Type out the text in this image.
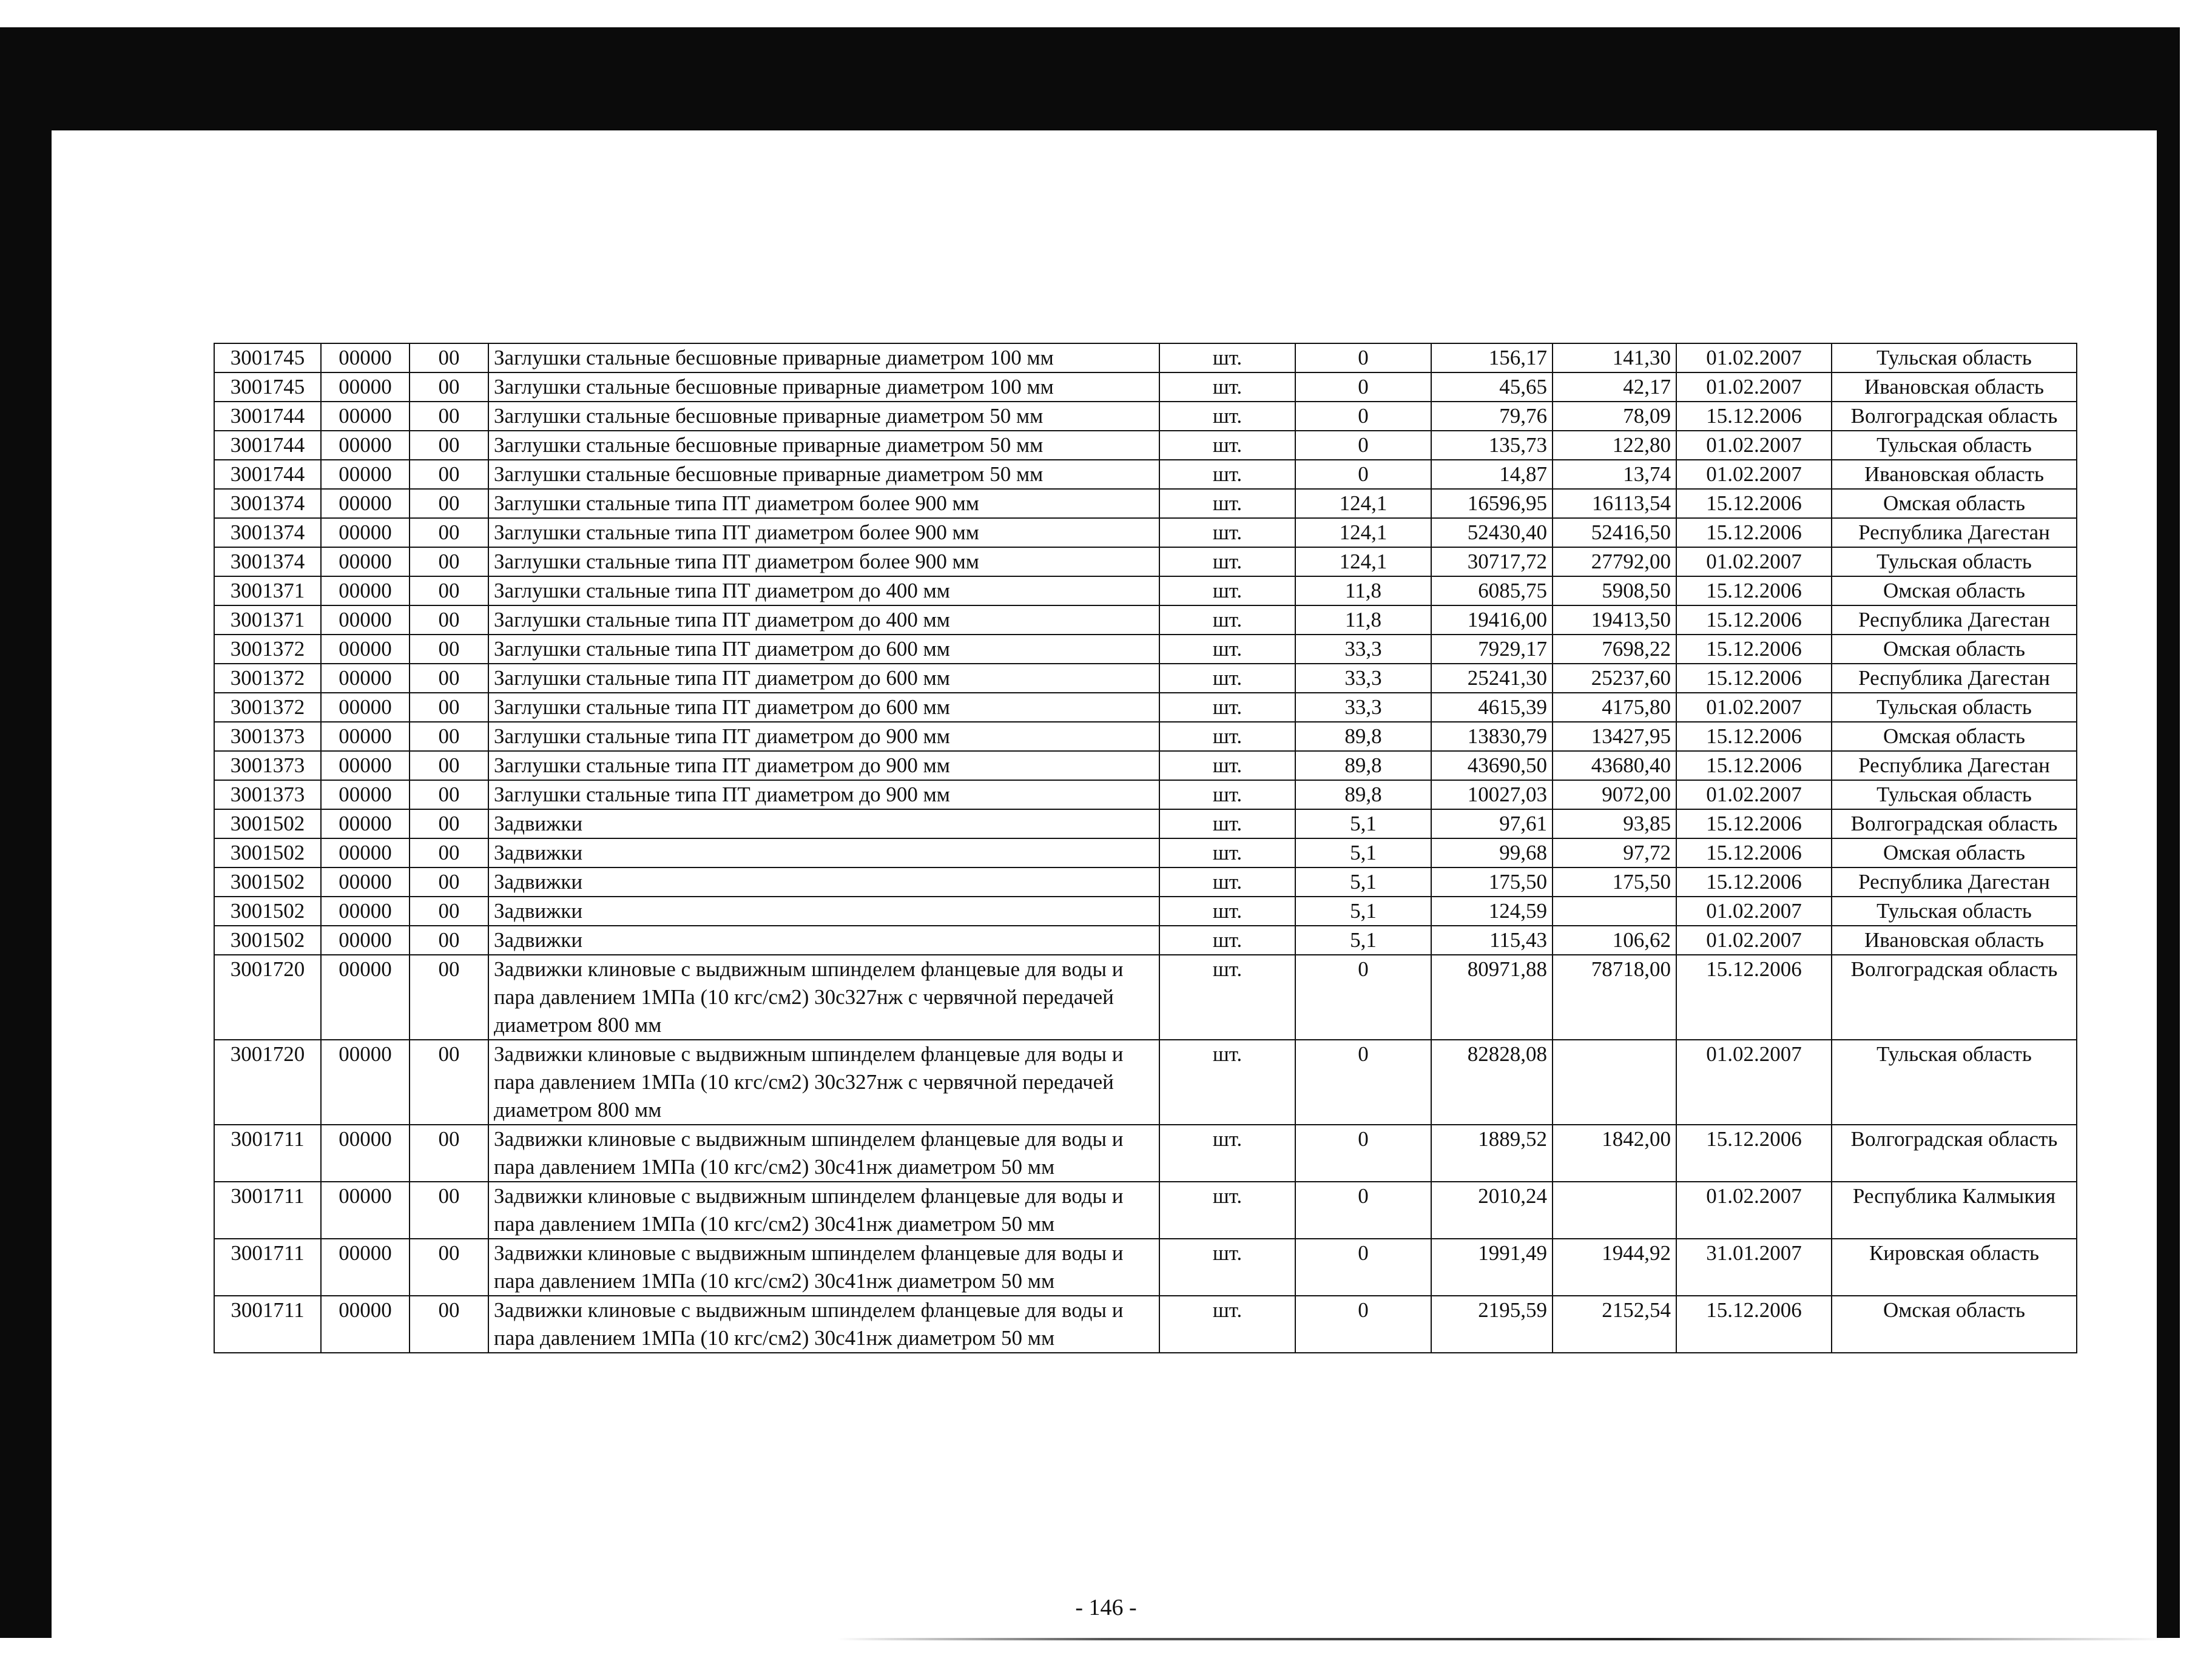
3001745	00000	00	Заглушки стальные бесшовные приварные диаметром 100 мм	шт.	0	156,17	141,30	01.02.2007	Тульская область
3001745	00000	00	Заглушки стальные бесшовные приварные диаметром 100 мм	шт.	0	45,65	42,17	01.02.2007	Ивановская область
3001744	00000	00	Заглушки стальные бесшовные приварные диаметром 50 мм	шт.	0	79,76	78,09	15.12.2006	Волгоградская область
3001744	00000	00	Заглушки стальные бесшовные приварные диаметром 50 мм	шт.	0	135,73	122,80	01.02.2007	Тульская область
3001744	00000	00	Заглушки стальные бесшовные приварные диаметром 50 мм	шт.	0	14,87	13,74	01.02.2007	Ивановская область
3001374	00000	00	Заглушки стальные типа ПТ диаметром более 900 мм	шт.	124,1	16596,95	16113,54	15.12.2006	Омская область
3001374	00000	00	Заглушки стальные типа ПТ диаметром более 900 мм	шт.	124,1	52430,40	52416,50	15.12.2006	Республика Дагестан
3001374	00000	00	Заглушки стальные типа ПТ диаметром более 900 мм	шт.	124,1	30717,72	27792,00	01.02.2007	Тульская область
3001371	00000	00	Заглушки стальные типа ПТ диаметром до 400 мм	шт.	11,8	6085,75	5908,50	15.12.2006	Омская область
3001371	00000	00	Заглушки стальные типа ПТ диаметром до 400 мм	шт.	11,8	19416,00	19413,50	15.12.2006	Республика Дагестан
3001372	00000	00	Заглушки стальные типа ПТ диаметром до 600 мм	шт.	33,3	7929,17	7698,22	15.12.2006	Омская область
3001372	00000	00	Заглушки стальные типа ПТ диаметром до 600 мм	шт.	33,3	25241,30	25237,60	15.12.2006	Республика Дагестан
3001372	00000	00	Заглушки стальные типа ПТ диаметром до 600 мм	шт.	33,3	4615,39	4175,80	01.02.2007	Тульская область
3001373	00000	00	Заглушки стальные типа ПТ диаметром до 900 мм	шт.	89,8	13830,79	13427,95	15.12.2006	Омская область
3001373	00000	00	Заглушки стальные типа ПТ диаметром до 900 мм	шт.	89,8	43690,50	43680,40	15.12.2006	Республика Дагестан
3001373	00000	00	Заглушки стальные типа ПТ диаметром до 900 мм	шт.	89,8	10027,03	9072,00	01.02.2007	Тульская область
3001502	00000	00	Задвижки	шт.	5,1	97,61	93,85	15.12.2006	Волгоградская область
3001502	00000	00	Задвижки	шт.	5,1	99,68	97,72	15.12.2006	Омская область
3001502	00000	00	Задвижки	шт.	5,1	175,50	175,50	15.12.2006	Республика Дагестан
3001502	00000	00	Задвижки	шт.	5,1	124,59		01.02.2007	Тульская область
3001502	00000	00	Задвижки	шт.	5,1	115,43	106,62	01.02.2007	Ивановская область
3001720	00000	00	Задвижки клиновые с выдвижным шпинделем фланцевые для воды и пара давлением 1МПа (10 кгс/см2) 30с327нж с червячной передачей диаметром 800 мм	шт.	0	80971,88	78718,00	15.12.2006	Волгоградская область
3001720	00000	00	Задвижки клиновые с выдвижным шпинделем фланцевые для воды и пара давлением 1МПа (10 кгс/см2) 30с327нж с червячной передачей диаметром 800 мм	шт.	0	82828,08		01.02.2007	Тульская область
3001711	00000	00	Задвижки клиновые с выдвижным шпинделем фланцевые для воды и пара давлением 1МПа (10 кгс/см2) 30с41нж диаметром 50 мм	шт.	0	1889,52	1842,00	15.12.2006	Волгоградская область
3001711	00000	00	Задвижки клиновые с выдвижным шпинделем фланцевые для воды и пара давлением 1МПа (10 кгс/см2) 30с41нж диаметром 50 мм	шт.	0	2010,24		01.02.2007	Республика Калмыкия
3001711	00000	00	Задвижки клиновые с выдвижным шпинделем фланцевые для воды и пара давлением 1МПа (10 кгс/см2) 30с41нж диаметром 50 мм	шт.	0	1991,49	1944,92	31.01.2007	Кировская область
3001711	00000	00	Задвижки клиновые с выдвижным шпинделем фланцевые для воды и пара давлением 1МПа (10 кгс/см2) 30с41нж диаметром 50 мм	шт.	0	2195,59	2152,54	15.12.2006	Омская область
- 146 -
